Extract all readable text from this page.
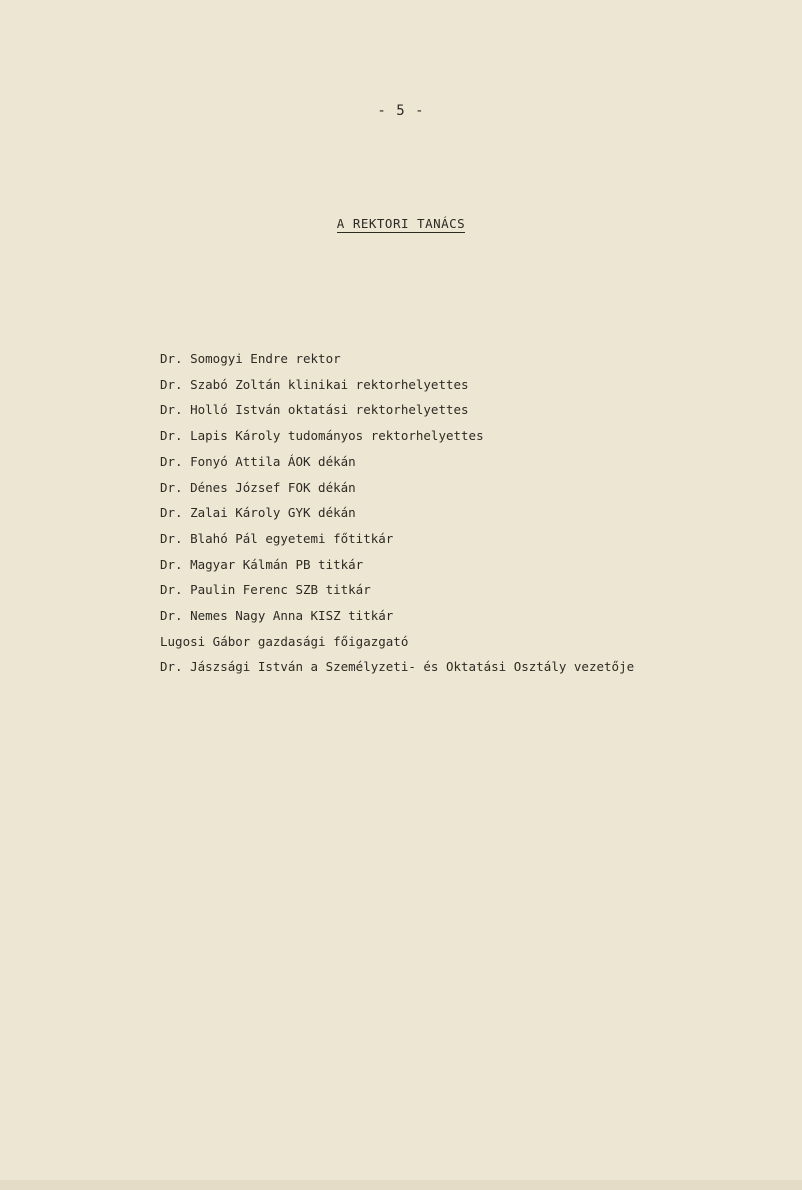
- 5 -
A REKTORI TANÁCS
Dr. Somogyi Endre rektor
Dr. Szabó Zoltán klinikai rektorhelyettes
Dr. Holló István oktatási rektorhelyettes
Dr. Lapis Károly tudományos rektorhelyettes
Dr. Fonyó Attila ÁOK dékán
Dr. Dénes József FOK dékán
Dr. Zalai Károly GYK dékán
Dr. Blahó Pál egyetemi főtitkár
Dr. Magyar Kálmán PB titkár
Dr. Paulin Ferenc SZB titkár
Dr. Nemes Nagy Anna KISZ titkár
Lugosi Gábor gazdasági főigazgató
Dr. Jászsági István a Személyzeti- és Oktatási Osztály vezetője
